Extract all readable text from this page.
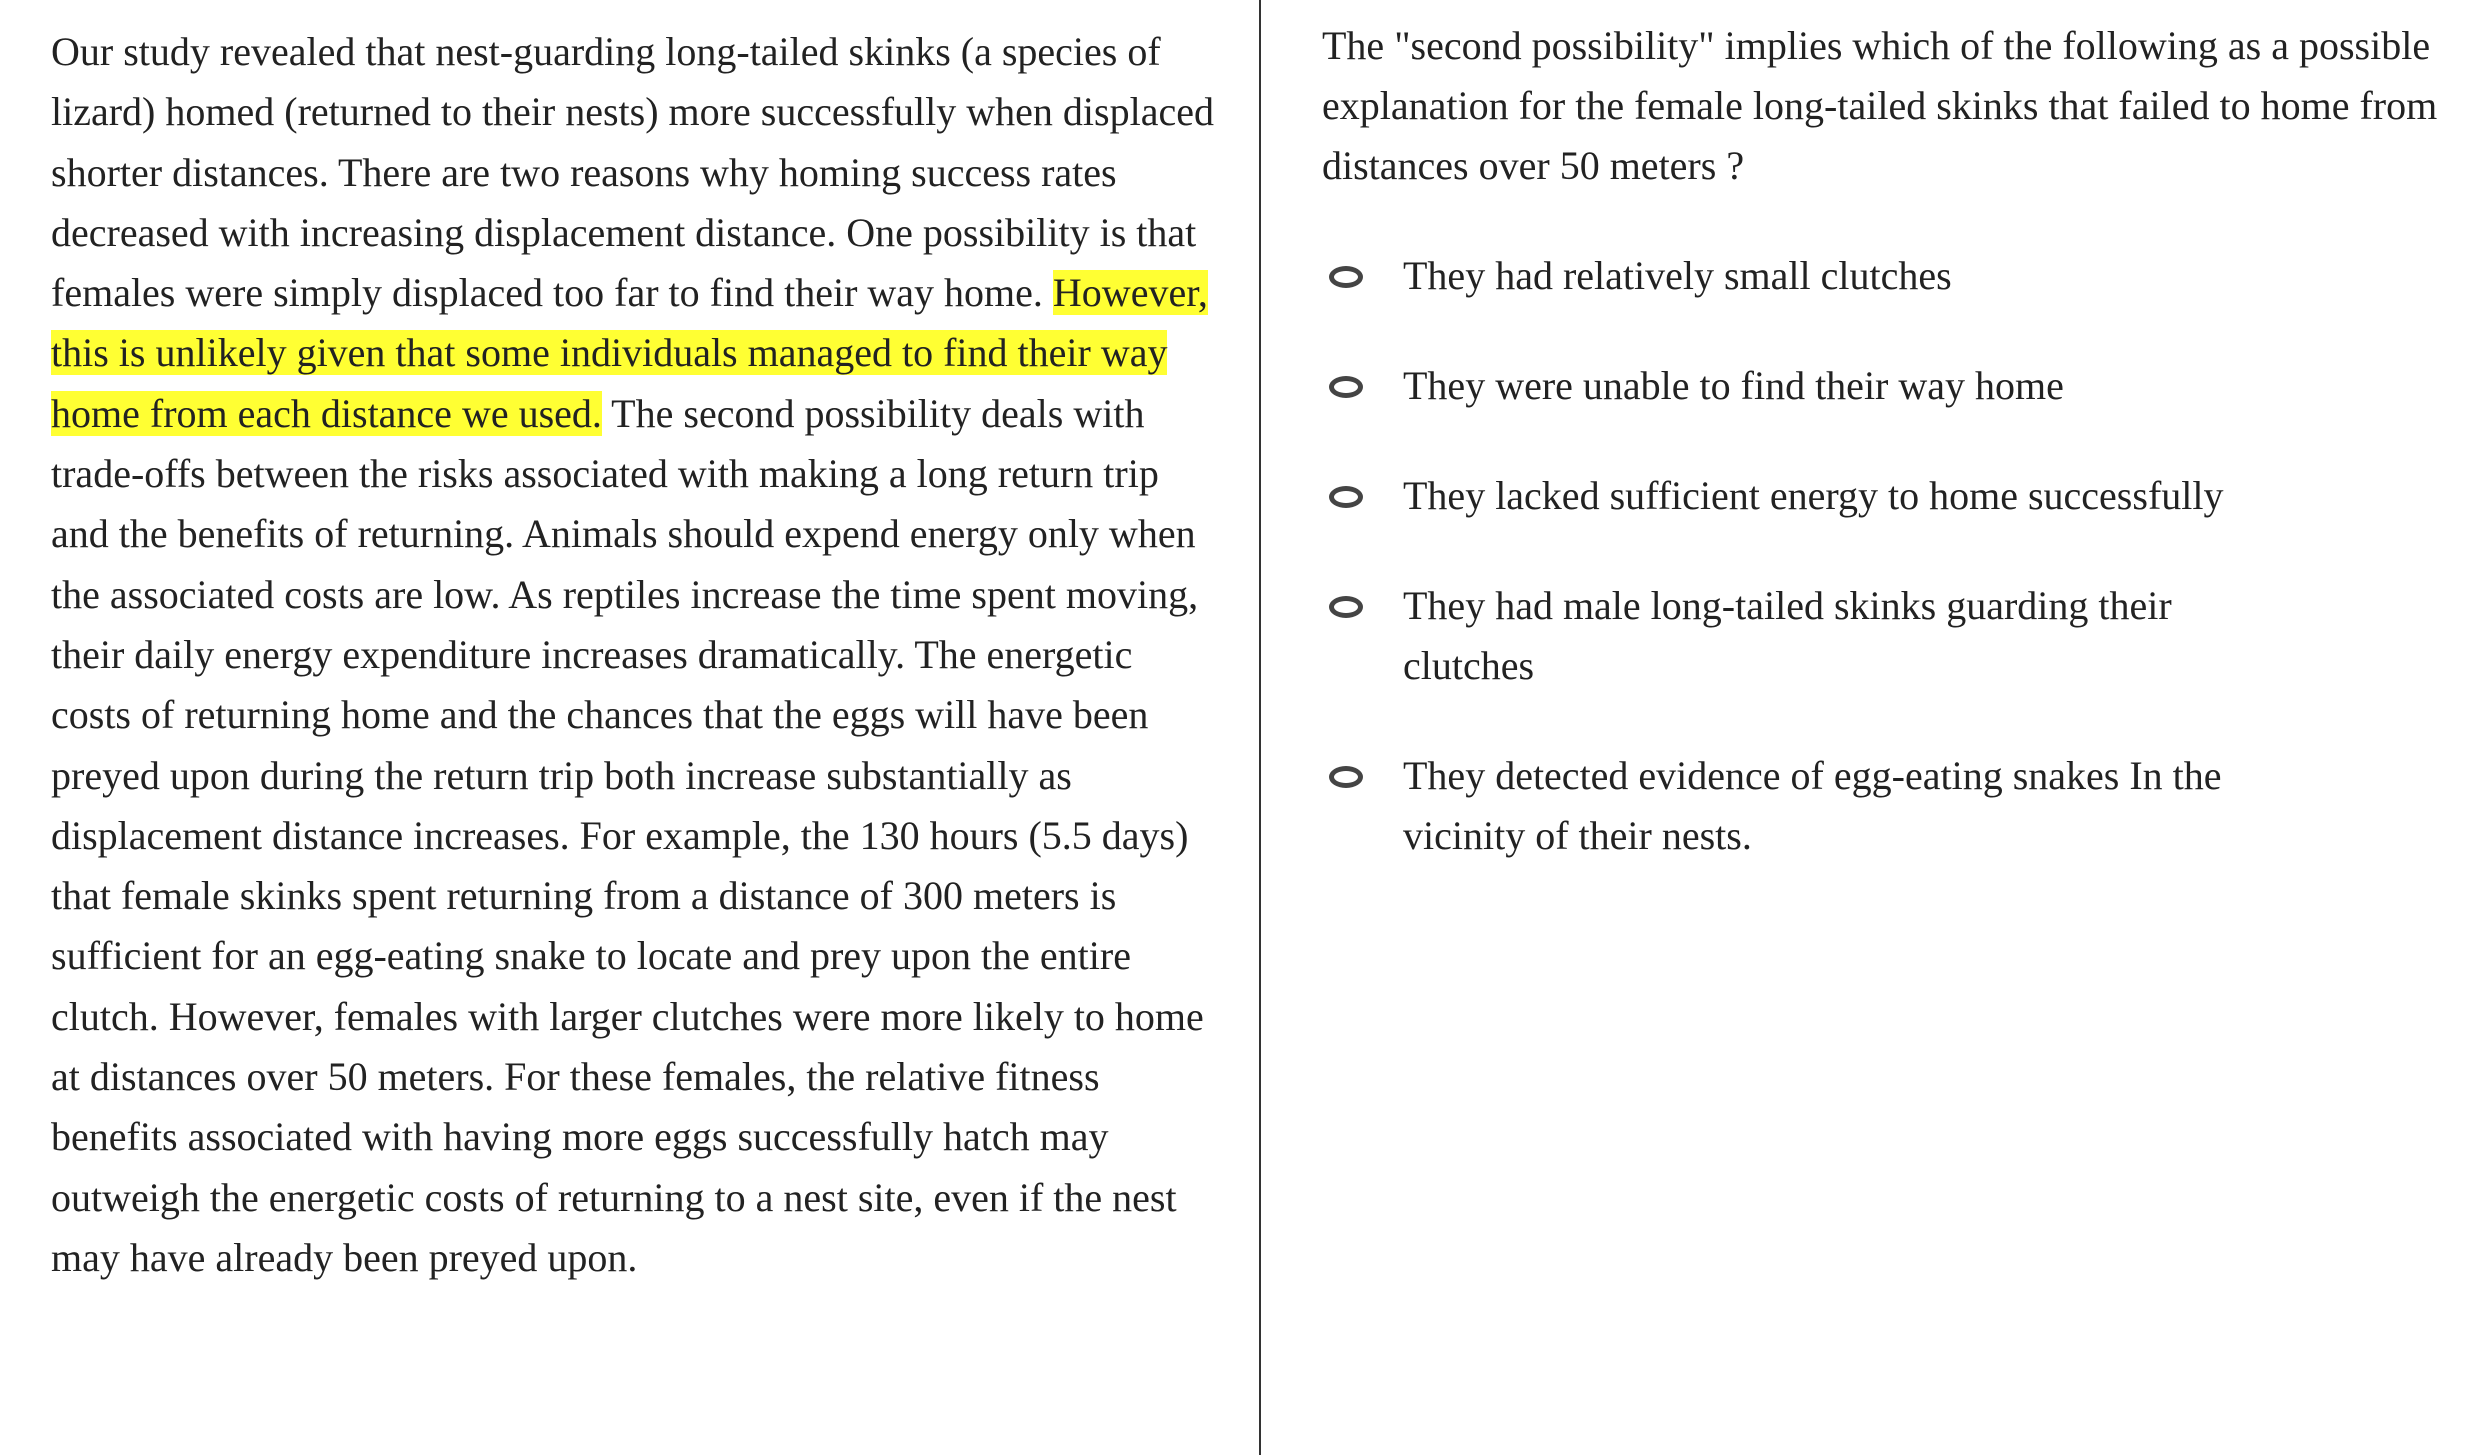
Our study revealed that nest-guarding long-tailed skinks (a species of lizard) homed (returned to their nests) more successfully when displaced shorter distances. There are two reasons why homing success rates decreased with increasing displacement distance. One possibility is that females were simply displaced too far to find their way home. However, this is unlikely given that some individuals managed to find their way home from each distance we used. The second possibility deals with trade-offs between the risks associated with making a long return trip and the benefits of returning. Animals should expend energy only when the associated costs are low. As reptiles increase the time spent moving, their daily energy expenditure increases dramatically. The energetic costs of returning home and the chances that the eggs will have been preyed upon during the return trip both increase substantially as displacement distance increases. For example, the 130 hours (5.5 days) that female skinks spent returning from a distance of 300 meters is sufficient for an egg-eating snake to locate and prey upon the entire clutch. However, females with larger clutches were more likely to home at distances over 50 meters. For these females, the relative fitness benefits associated with having more eggs successfully hatch may outweigh the energetic costs of returning to a nest site, even if the nest may have already been preyed upon.

The "second possibility" implies which of the following as a possible explanation for the female long-tailed skinks that failed to home from distances over 50 meters ?

They had relatively small clutches
They were unable to find their way home
They lacked sufficient energy to home successfully
They had male long-tailed skinks guarding their clutches
They detected evidence of egg-eating snakes In the vicinity of their nests.
